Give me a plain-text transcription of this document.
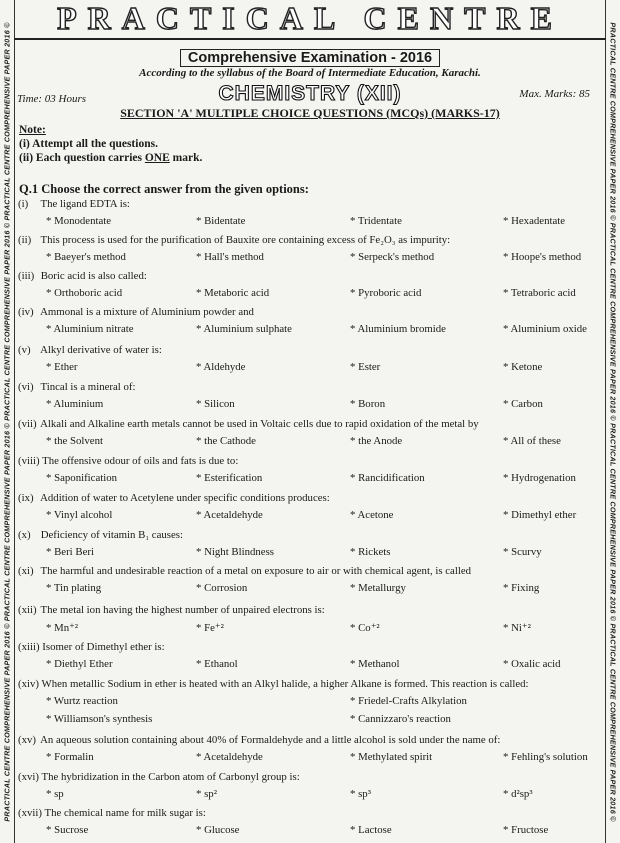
PRACTICAL CENTRE COMPREHENSIVE PAPER 2016 © PRACTICAL CENTRE COMPREHENSIVE PAPER 2016 © PRACTICAL CENTRE COMPREHENSIVE PAPER 2016 © PRACTICAL CENTRE COMPREHENSIVE PAPER 2016 ©	PRACTICAL CENTRE COMPREHENSIVE PAPER 2016 © PRACTICAL CENTRE COMPREHENSIVE PAPER 2016 © PRACTICAL CENTRE COMPREHENSIVE PAPER 2016 © PRACTICAL CENTRE COMPREHENSIVE PAPER 2016 ©
PRACTICAL CENTRE
Comprehensive Examination - 2016
According to the syllabus of the Board of Intermediate Education, Karachi.
CHEMISTRY (XII)
Time: 03 Hours	Max. Marks: 85
SECTION 'A' MULTIPLE CHOICE QUESTIONS (MCQs) (MARKS-17)
Note:
(i) Attempt all the questions.
(ii) Each question carries ONE mark.
Q.1 Choose the correct answer from the given options:
(i) The ligand EDTA is:
* Monodentate	* Bidentate	* Tridentate	* Hexadentate
(ii) This process is used for the purification of Bauxite ore containing excess of Fe₂O₃ as impurity:
* Baeyer's method	* Hall's method	* Serpeck's method	* Hoope's method
(iii) Boric acid is also called:
* Orthoboric acid	* Metaboric acid	* Pyroboric acid	* Tetraboric acid
(iv) Ammonal is a mixture of Aluminium powder and
* Aluminium nitrate	* Aluminium sulphate	* Aluminium bromide	* Aluminium oxide
(v) Alkyl derivative of water is:
* Ether	* Aldehyde	* Ester	* Ketone
(vi) Tincal is a mineral of:
* Aluminium	* Silicon	* Boron	* Carbon
(vii) Alkali and Alkaline earth metals cannot be used in Voltaic cells due to rapid oxidation of the metal by
* the Solvent	* the Cathode	* the Anode	* All of these
(viii) The offensive odour of oils and fats is due to:
* Saponification	* Esterification	* Rancidification	* Hydrogenation
(ix) Addition of water to Acetylene under specific conditions produces:
* Vinyl alcohol	* Acetaldehyde	* Acetone	* Dimethyl ether
(x) Deficiency of vitamin B₁ causes:
* Beri Beri	* Night Blindness	* Rickets	* Scurvy
(xi) The harmful and undesirable reaction of a metal on exposure to air or with chemical agent, is called
* Tin plating	* Corrosion	* Metallurgy	* Fixing
(xii) The metal ion having the highest number of unpaired electrons is:
* Mn⁺²	* Fe⁺²	* Co⁺²	* Ni⁺²
(xiii) Isomer of Dimethyl ether is:
* Diethyl Ether	* Ethanol	* Methanol	* Oxalic acid
(xiv) When metallic Sodium in ether is heated with an Alkyl halide, a higher Alkane is formed. This reaction is called:
* Wurtz reaction	* Friedel-Crafts Alkylation
* Williamson's synthesis	* Cannizzaro's reaction
(xv) An aqueous solution containing about 40% of Formaldehyde and a little alcohol is sold under the name of:
* Formalin	* Acetaldehyde	* Methylated spirit	* Fehling's solution
(xvi) The hybridization in the Carbon atom of Carbonyl group is:
* sp	* sp²	* sp³	* d²sp³
(xvii) The chemical name for milk sugar is:
* Sucrose	* Glucose	* Lactose	* Fructose
